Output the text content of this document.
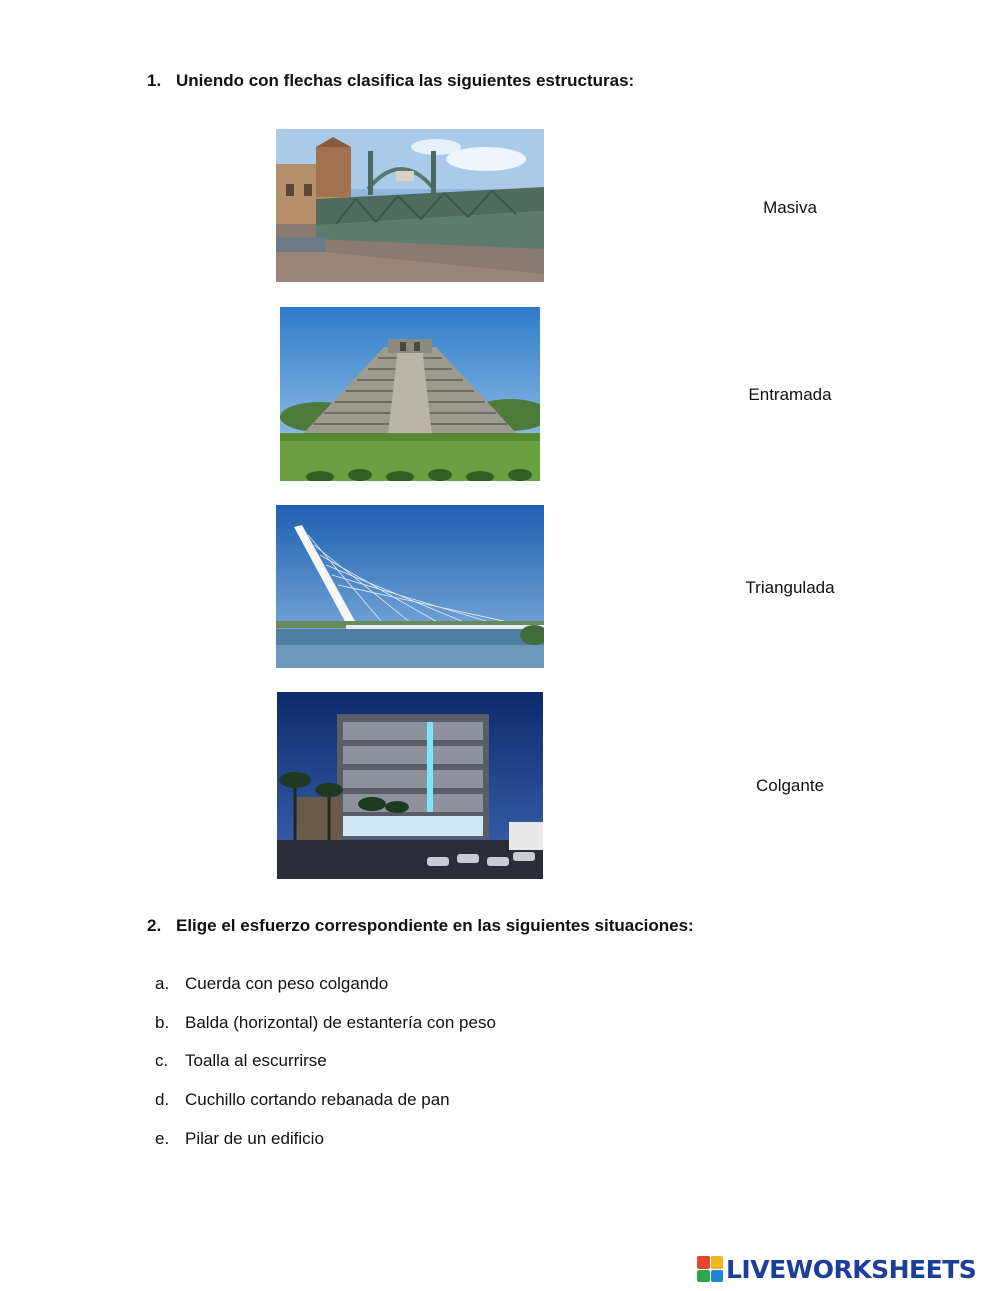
1. Uniendo con flechas clasifica las siguientes estructuras:
Masiva
Entramada
Triangulada
Colgante
2. Elige el esfuerzo correspondiente en las siguientes situaciones:
a. Cuerda con peso colgando
b. Balda (horizontal) de estantería con peso
c. Toalla al escurrirse
d. Cuchillo cortando rebanada de pan
e. Pilar de un edificio
LIVEWORKSHEETS
